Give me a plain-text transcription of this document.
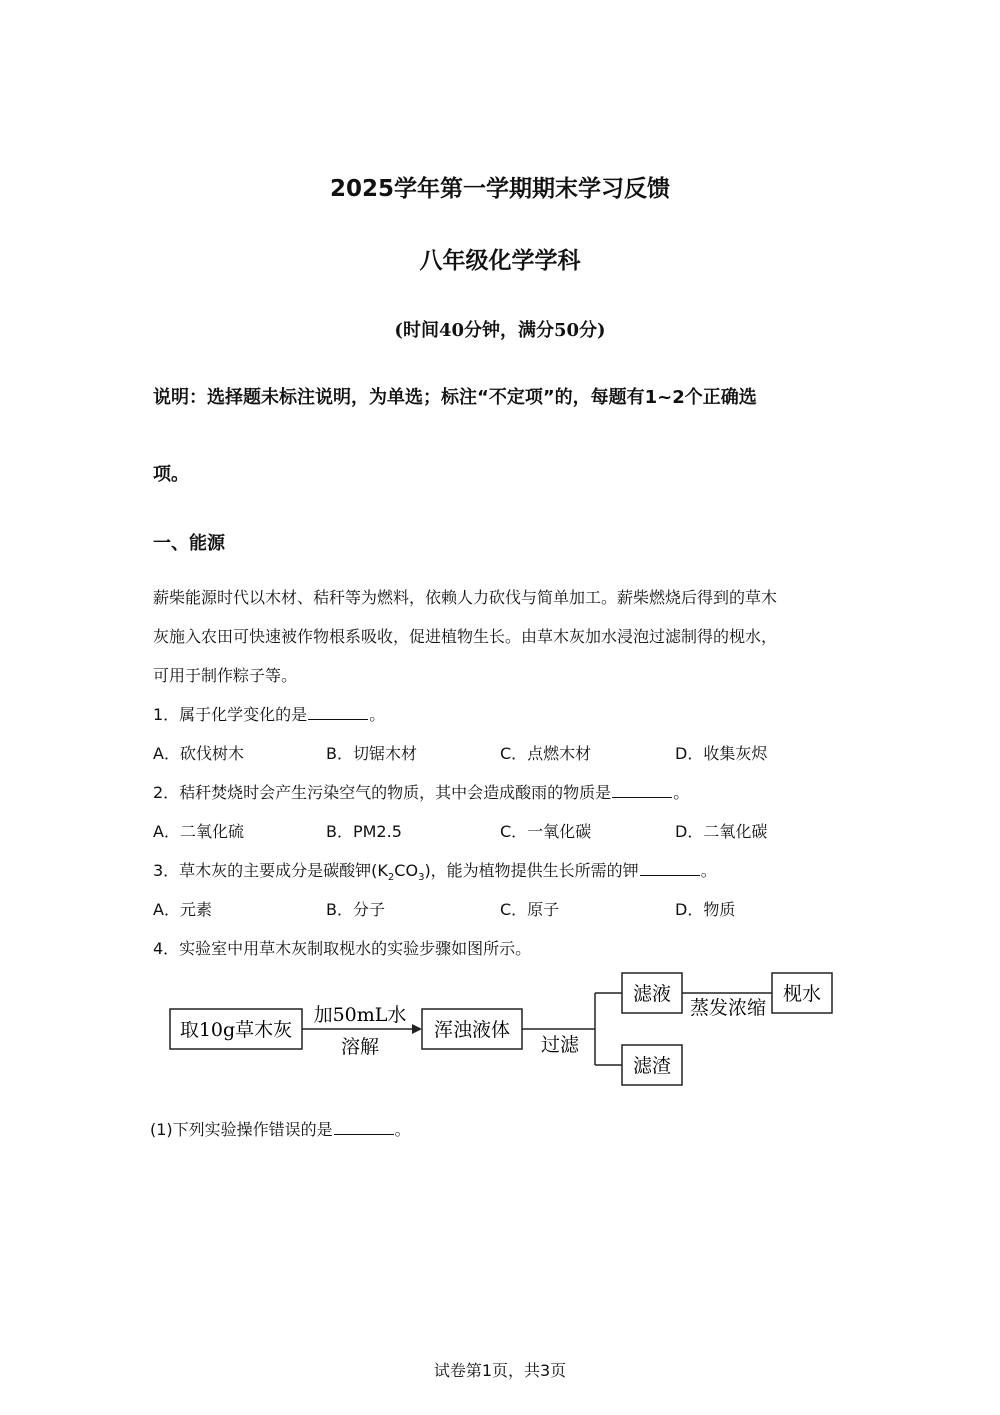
2025学年第一学期期末学习反馈
八年级化学学科
(时间40分钟，满分50分)
说明：选择题未标注说明，为单选；标注“不定项”的，每题有1~2个正确选
项。
一、能源
薪柴能源时代以木材、秸秆等为燃料，依赖人力砍伐与简单加工。薪柴燃烧后得到的草木
灰施入农田可快速被作物根系吸收，促进植物生长。由草木灰加水浸泡过滤制得的枧水，
可用于制作粽子等。
1．属于化学变化的是	。
A．砍伐树木	B．切锯木材	C．点燃木材	D．收集灰烬
2．秸秆焚烧时会产生污染空气的物质，其中会造成酸雨的物质是	。
A．二氧化硫	B．PM2.5	C．一氧化碳	D．二氧化碳
3．草木灰的主要成分是碳酸钾$(K_2CO_3)$，能为植物提供生长所需的钾	。
A．元素	B．分子	C．原子	D．物质
4．实验室中用草木灰制取枧水的实验步骤如图所示。
取10g草木灰
加50mL水
溶解
浑浊液体
过滤
滤液
蒸发浓缩
枧水
滤渣
(1)下列实验操作错误的是	。
试卷第1页，共3页
